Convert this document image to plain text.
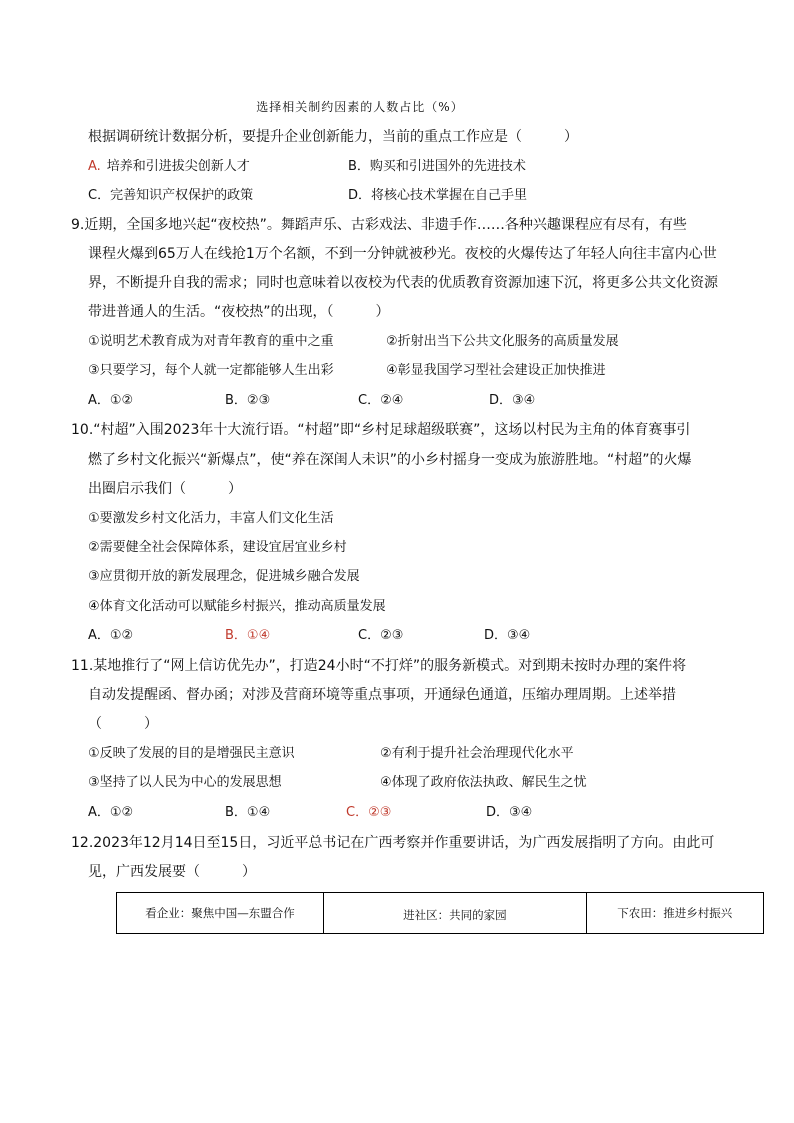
选择相关制约因素的人数占比（%）
根据调研统计数据分析，要提升企业创新能力，当前的重点工作应是（　　　）
A. 培养和引进拔尖创新人才	B．购买和引进国外的先进技术
C．完善知识产权保护的政策	D．将核心技术掌握在自己手里
9.近期，全国多地兴起“夜校热”。舞蹈声乐、古彩戏法、非遗手作……各种兴趣课程应有尽有，有些
课程火爆到65万人在线抢1万个名额，不到一分钟就被秒光。夜校的火爆传达了年轻人向往丰富内心世
界，不断提升自我的需求；同时也意味着以夜校为代表的优质教育资源加速下沉，将更多公共文化资源
带进普通人的生活。“夜校热”的出现，（　　　）
①说明艺术教育成为对青年教育的重中之重	②折射出当下公共文化服务的高质量发展
③只要学习，每个人就一定都能够人生出彩	④彰显我国学习型社会建设正加快推进
A．①②	B．②③	C．②④	D．③④
10.“村超”入围2023年十大流行语。“村超”即“乡村足球超级联赛”，这场以村民为主角的体育赛事引
燃了乡村文化振兴“新爆点”，使“养在深闺人未识”的小乡村摇身一变成为旅游胜地。“村超”的火爆
出圈启示我们（　　　）
①要激发乡村文化活力，丰富人们文化生活
②需要健全社会保障体系，建设宜居宜业乡村
③应贯彻开放的新发展理念，促进城乡融合发展
④体育文化活动可以赋能乡村振兴，推动高质量发展
A．①②	B．①④	C．②③	D．③④
11.某地推行了“网上信访优先办”，打造24小时“不打烊”的服务新模式。对到期未按时办理的案件将
自动发提醒函、督办函；对涉及营商环境等重点事项，开通绿色通道，压缩办理周期。上述举措
（　　　）
①反映了发展的目的是增强民主意识	②有利于提升社会治理现代化水平
③坚持了以人民为中心的发展思想	④体现了政府依法执政、解民生之忧
A．①②	B．①④	C．②③	D．③④
12.2023年12月14日至15日，习近平总书记在广西考察并作重要讲话，为广西发展指明了方向。由此可
见，广西发展要（　　　）
看企业：聚焦中国—东盟合作	进社区：共同的家园	下农田：推进乡村振兴
